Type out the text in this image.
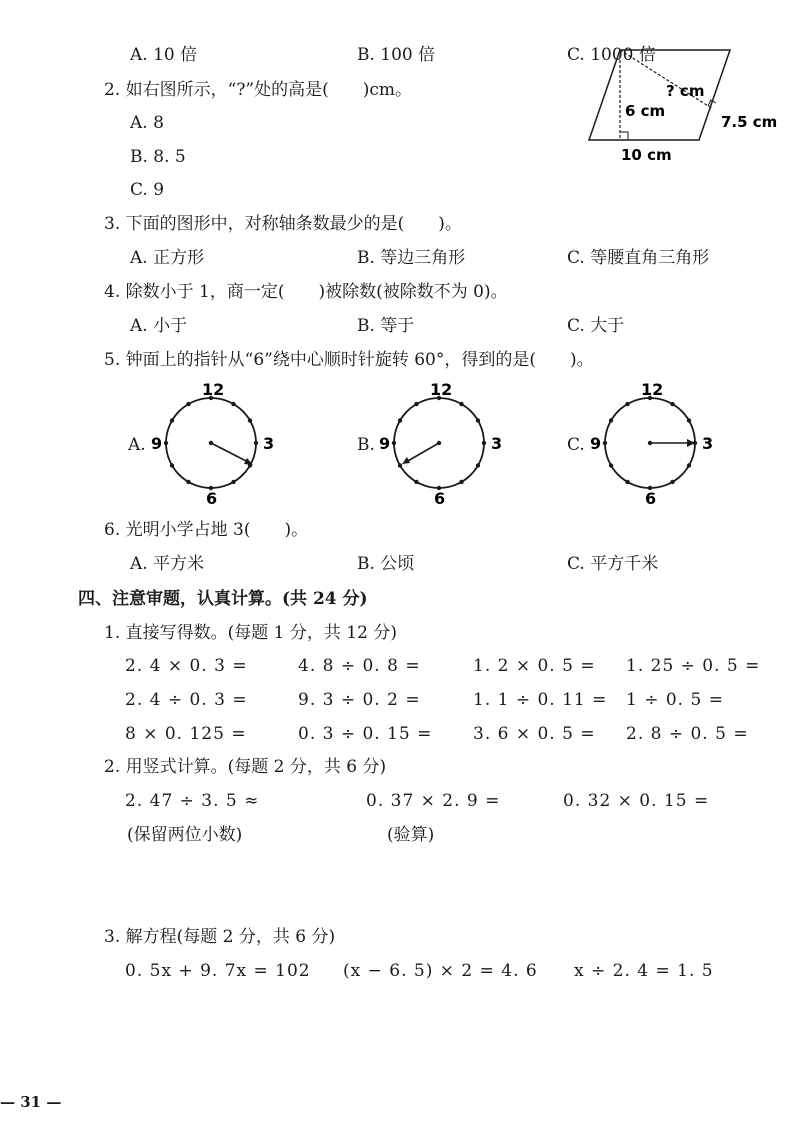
A. 10 倍	B. 100 倍	C. 1000 倍
2. 如右图所示，“?”处的高是(　　)cm。
A. 8
B. 8. 5
C. 9
? cm
6 cm
7.5 cm
10 cm
3. 下面的图形中，对称轴条数最少的是(　　)。
A. 正方形	B. 等边三角形	C. 等腰直角三角形
4. 除数小于 1，商一定(　　)被除数(被除数不为 0)。
A. 小于	B. 等于	C. 大于
5. 钟面上的指针从“6”绕中心顺时针旋转 60°，得到的是(　　)。
A.
12
3
6
9	B.
12
3
6
9	C.
12
3
6
9
6. 光明小学占地 3(　　)。
A. 平方米	B. 公顷	C. 平方千米
四、注意审题，认真计算。(共 24 分)
1. 直接写得数。(每题 1 分，共 12 分)
2. 4 × 0. 3 =	4. 8 ÷ 0. 8 =	1. 2 × 0. 5 = 1. 25 ÷ 0. 5 =
2. 4 ÷ 0. 3 =	9. 3 ÷ 0. 2 =	1. 1 ÷ 0. 11 = 1 ÷ 0. 5 =
8 × 0. 125 =	0. 3 ÷ 0. 15 = 3. 6 × 0. 5 = 2. 8 ÷ 0. 5 =
2. 用竖式计算。(每题 2 分，共 6 分)
2. 47 ÷ 3. 5 ≈	0. 37 × 2. 9 =	0. 32 × 0. 15 =
(保留两位小数)	(验算)
3. 解方程(每题 2 分，共 6 分)
0. 5x + 9. 7x = 102 (x − 6. 5) × 2 = 4. 6 x ÷ 2. 4 = 1. 5
— 31 —
